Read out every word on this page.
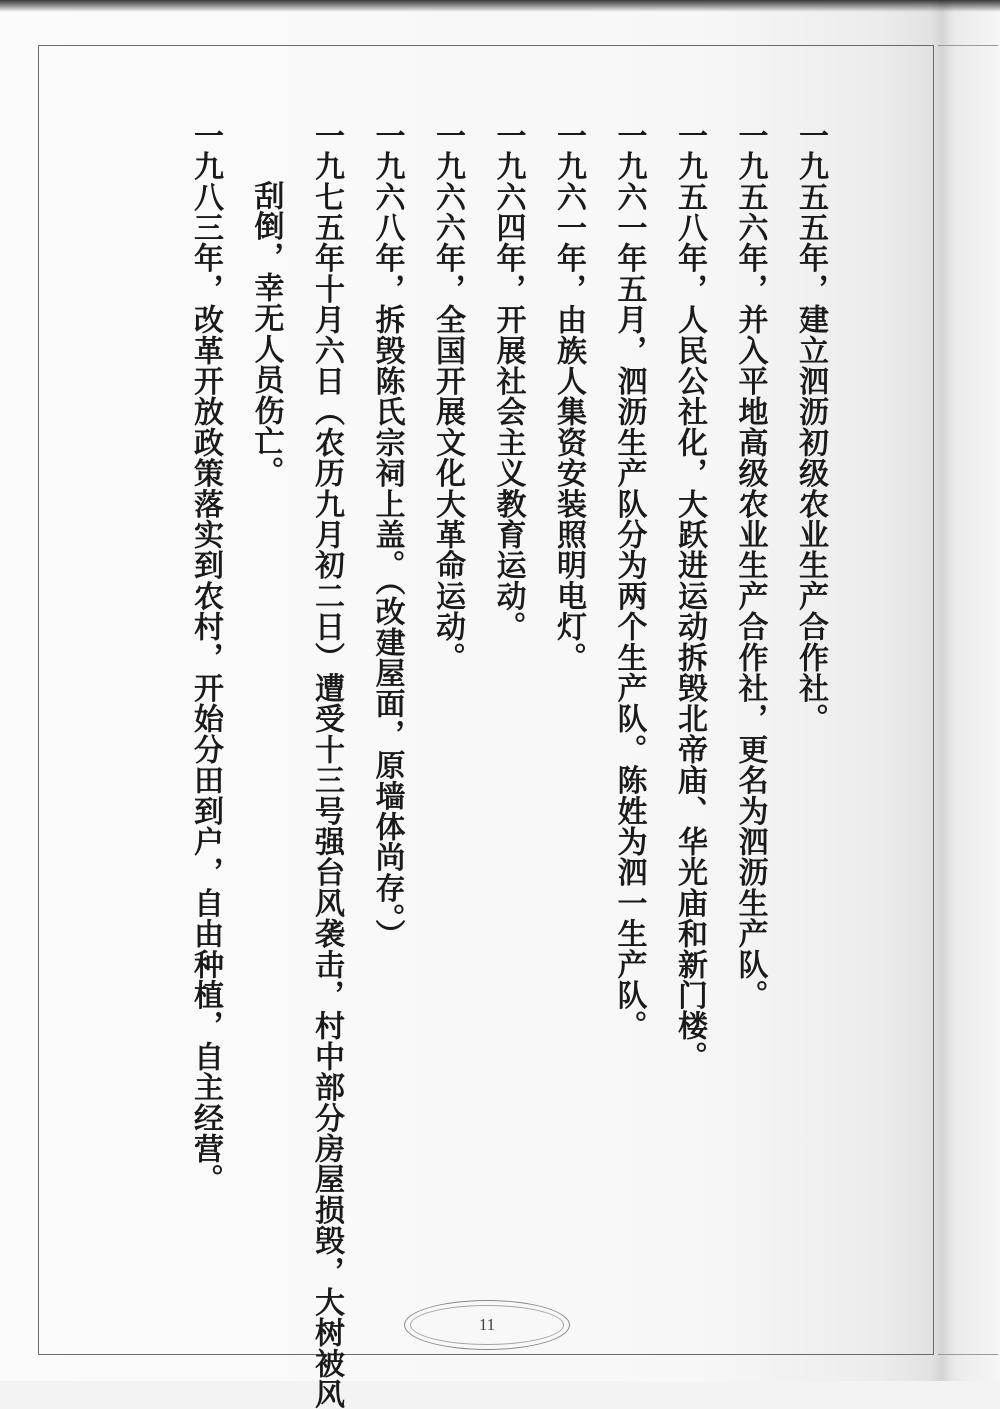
一九五五年，建立泗沥初级农业生产合作社。
一九五六年，并入平地高级农业生产合作社，更名为泗沥生产队。
一九五八年，人民公社化，大跃进运动拆毁北帝庙、华光庙和新门楼。
一九六一年五月，泗沥生产队分为两个生产队。陈姓为泗一生产队。
一九六一年，由族人集资安装照明电灯。
一九六四年，开展社会主义教育运动。
一九六六年，全国开展文化大革命运动。
一九六八年，拆毁陈氏宗祠上盖。（改建屋面，原墙体尚存。）
一九七五年十月六日（农历九月初二日）遭受十三号强台风袭击，村中部分房屋损毁，大树被风
刮倒，幸无人员伤亡。
一九八三年，改革开放政策落实到农村，开始分田到户，自由种植，自主经营。
11
